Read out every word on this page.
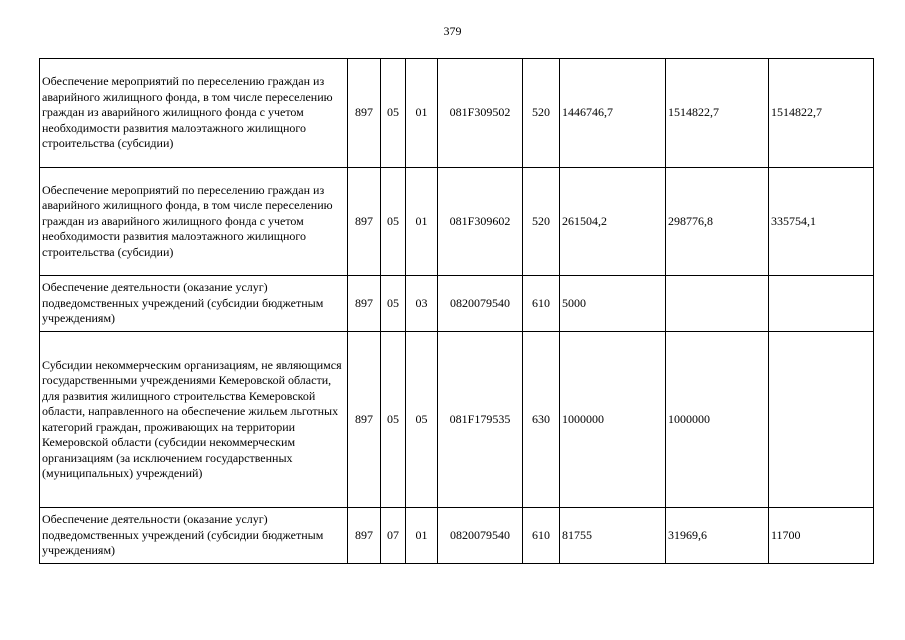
379
Обеспечение мероприятий по переселению граждан из аварийного жилищного фонда, в том числе переселению граждан из аварийного жилищного фонда с учетом необходимости развития малоэтажного жилищного строительства (субсидии)	897	05	01	081F309502	520	1446746,7	1514822,7	1514822,7
Обеспечение мероприятий по переселению граждан из аварийного жилищного фонда, в том числе переселению граждан из аварийного жилищного фонда с учетом необходимости развития малоэтажного жилищного строительства (субсидии)	897	05	01	081F309602	520	261504,2	298776,8	335754,1
Обеспечение деятельности (оказание услуг) подведомственных учреждений (субсидии бюджетным учреждениям)	897	05	03	0820079540	610	5000		
Субсидии некоммерческим организациям, не являющимся государственными учреждениями Кемеровской области, для развития жилищного строительства Кемеровской области, направленного на обеспечение жильем льготных категорий граждан, проживающих на территории Кемеровской области (субсидии некоммерческим организациям (за исключением государственных (муниципальных) учреждений)	897	05	05	081F179535	630	1000000	1000000	
Обеспечение деятельности (оказание услуг) подведомственных учреждений (субсидии бюджетным учреждениям)	897	07	01	0820079540	610	81755	31969,6	11700
